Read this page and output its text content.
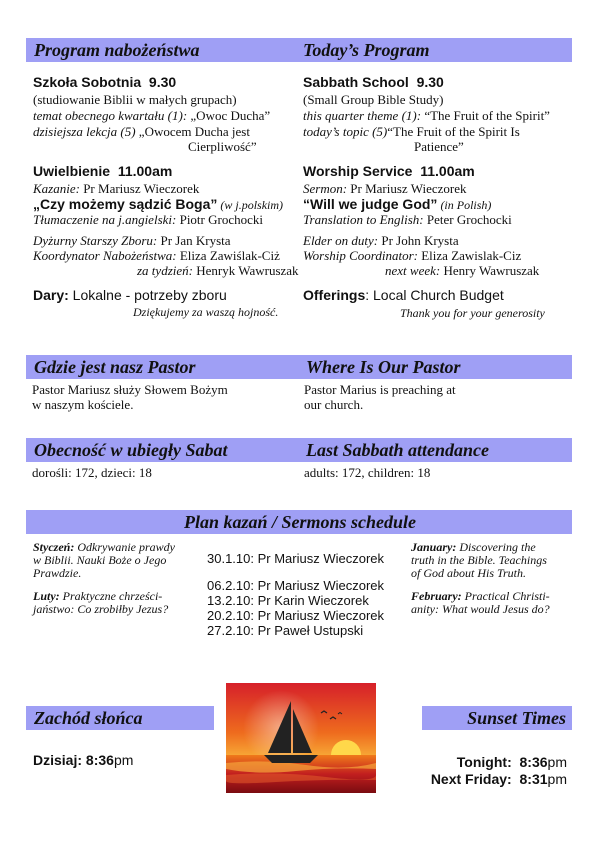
Program nabożeństwa	Today’s Program
Szkoła Sobotnia 9.30
(studiowanie Biblii w małych grupach)
temat obecnego kwartału (1): „Owoc Ducha”
dzisiejsza lekcja (5) „Owocem Ducha jest
Cierpliwość”
Uwielbienie 11.00am
Kazanie: Pr Mariusz Wieczorek
„Czy możemy sądzić Boga” (w j.polskim)
Tłumaczenie na j.angielski: Piotr Grochocki
Dyżurny Starszy Zboru: Pr Jan Krysta
Koordynator Nabożeństwa: Eliza Zawiślak-Ciż
za tydzień: Henryk Wawruszak
Dary: Lokalne - potrzeby zboru
Dziękujemy za waszą hojność.
Sabbath School 9.30
(Small Group Bible Study)
this quarter theme (1): “The Fruit of the Spirit”
today’s topic (5)“The Fruit of the Spirit Is
Patience”
Worship Service 11.00am
Sermon: Pr Mariusz Wieczorek
“Will we judge God” (in Polish)
Translation to English: Peter Grochocki
Elder on duty: Pr John Krysta
Worship Coordinator: Eliza Zawislak-Ciz
next week: Henry Wawruszak
Offerings: Local Church Budget
Thank you for your generosity
Gdzie jest nasz Pastor	Where Is Our Pastor
Pastor Mariusz służy Słowem Bożym
w naszym kościele.
Pastor Marius is preaching at
our church.
Obecność w ubiegły Sabat	Last Sabbath attendance
dorośli: 172, dzieci: 18	adults: 172, children: 18
Plan kazań / Sermons schedule
Styczeń: Odkrywanie prawdy
w Biblii. Nauki Boże o Jego
Prawdzie.
Luty: Praktyczne chrześci-
jaństwo: Co zrobiłby Jezus?
30.1.10: Pr Mariusz Wieczorek
06.2.10: Pr Mariusz Wieczorek
13.2.10: Pr Karin Wieczorek
20.2.10: Pr Mariusz Wieczorek
27.2.10: Pr Paweł Ustupski
January: Discovering the
truth in the Bible. Teachings
of God about His Truth.
February: Practical Christi-
anity: What would Jesus do?
Zachód słońca	Sunset Times
Dzisiaj: 8:36pm	Tonight: 8:36pm
Next Friday: 8:31pm
